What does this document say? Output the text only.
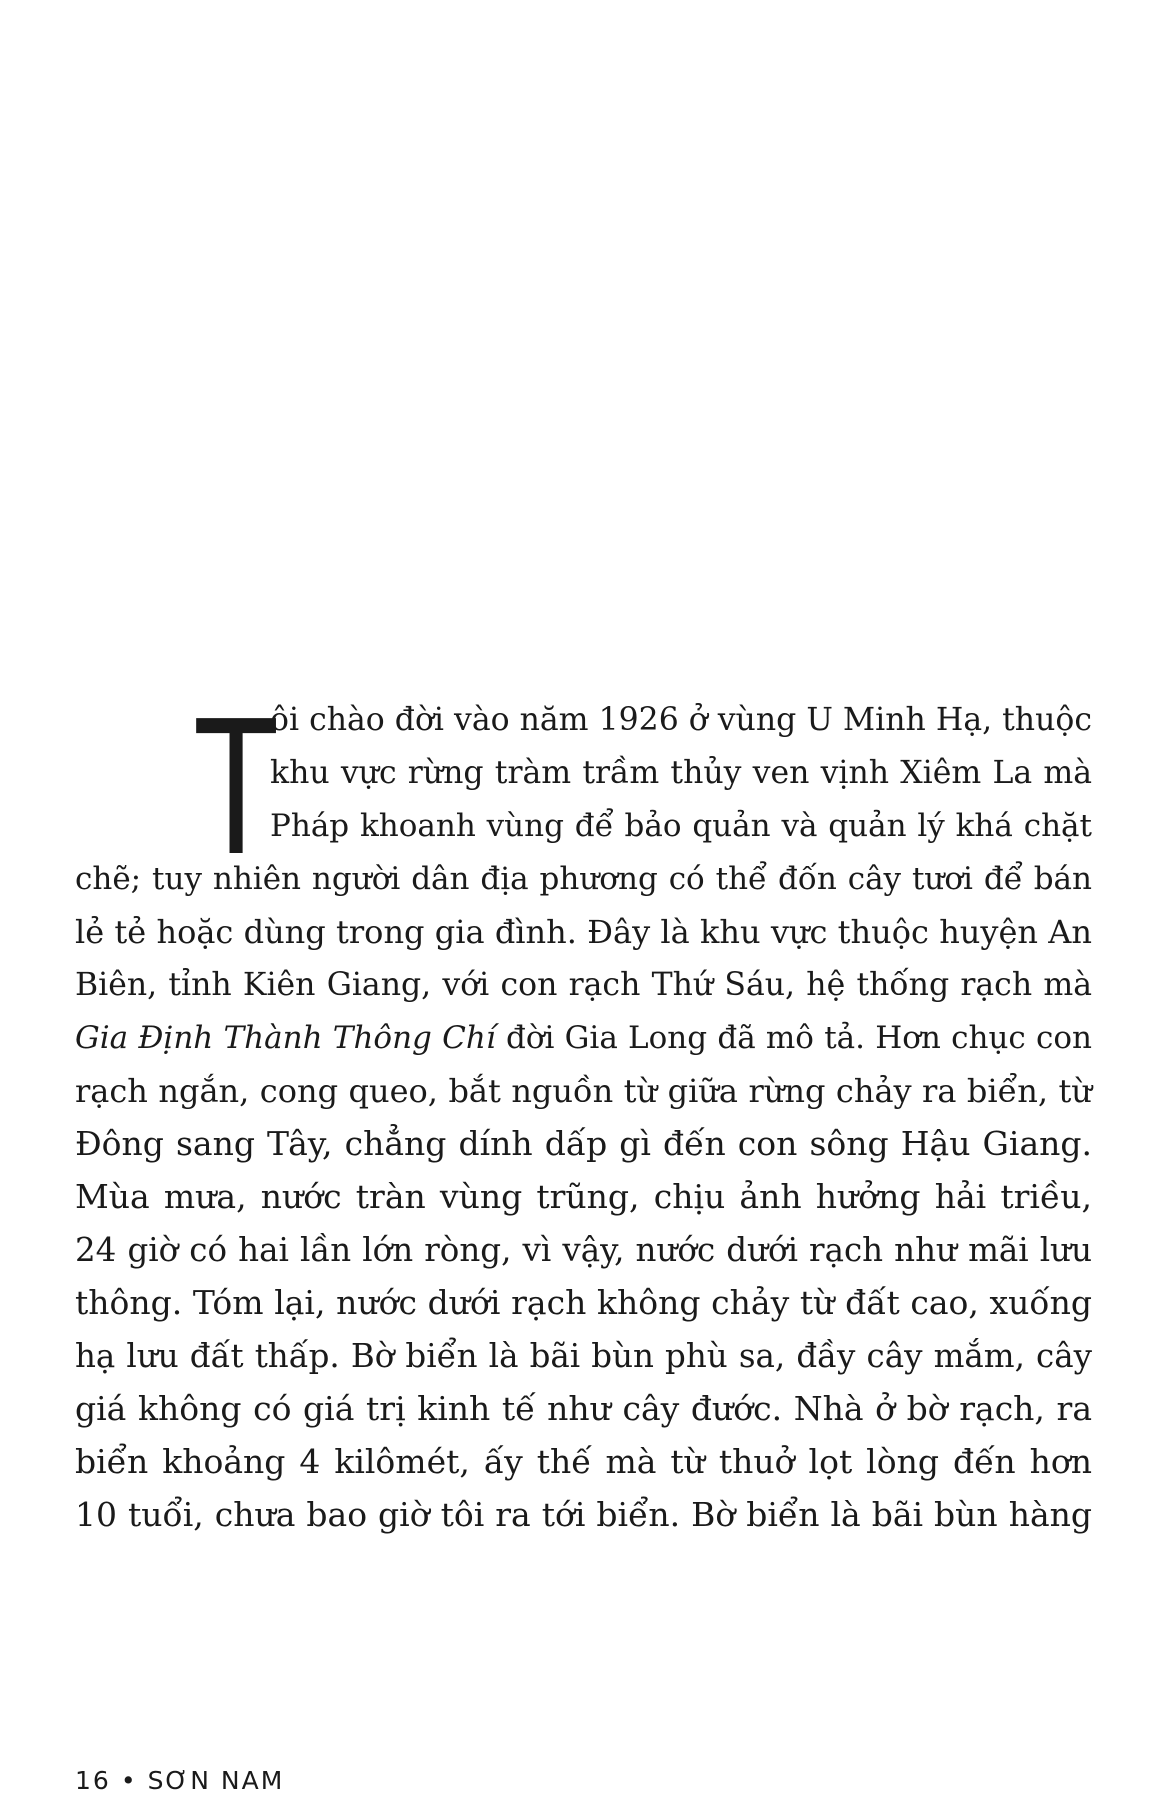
T
ôi chào đời vào năm 1926 ở vùng U Minh Hạ, thuộc
khu vực rừng tràm trầm thủy ven vịnh Xiêm La mà
Pháp khoanh vùng để bảo quản và quản lý khá chặt
chẽ; tuy nhiên người dân địa phương có thể đốn cây tươi để bán
lẻ tẻ hoặc dùng trong gia đình. Đây là khu vực thuộc huyện An
Biên, tỉnh Kiên Giang, với con rạch Thứ Sáu, hệ thống rạch mà
Gia Định Thành Thông Chí đời Gia Long đã mô tả. Hơn chục con
rạch ngắn, cong queo, bắt nguồn từ giữa rừng chảy ra biển, từ
Đông sang Tây, chẳng dính dấp gì đến con sông Hậu Giang.
Mùa mưa, nước tràn vùng trũng, chịu ảnh hưởng hải triều,
24 giờ có hai lần lớn ròng, vì vậy, nước dưới rạch như mãi lưu
thông. Tóm lại, nước dưới rạch không chảy từ đất cao, xuống
hạ lưu đất thấp. Bờ biển là bãi bùn phù sa, đầy cây mắm, cây
giá không có giá trị kinh tế như cây đước. Nhà ở bờ rạch, ra
biển khoảng 4 kilômét, ấy thế mà từ thuở lọt lòng đến hơn
10 tuổi, chưa bao giờ tôi ra tới biển. Bờ biển là bãi bùn hàng
16 • SƠN NAM
